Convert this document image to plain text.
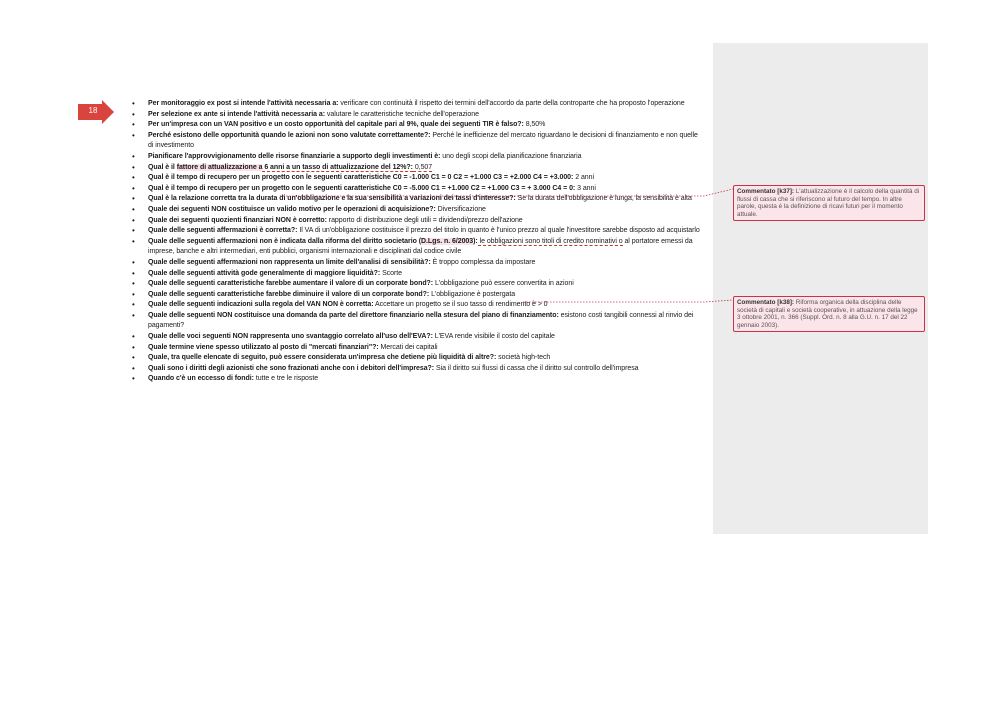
18
• Per monitoraggio ex post si intende l'attività necessaria a: verificare con continuità il rispetto dei termini dell'accordo da parte della controparte che ha proposto l'operazione
• Per selezione ex ante si intende l'attività necessaria a: valutare le caratteristiche tecniche dell'operazione
• Per un'impresa con un VAN positivo e un costo opportunità del capitale pari al 9%, quale dei seguenti TIR è falso?: 8,50%
• Perché esistono delle opportunità quando le azioni non sono valutate correttamente?: Perché le inefficienze del mercato riguardano le decisioni di finanziamento e non quelle di investimento
• Pianificare l'approvvigionamento delle risorse finanziarie a supporto degli investimenti è: uno degli scopi della pianificazione finanziaria
• Qual è il fattore di attualizzazione a 6 anni a un tasso di attualizzazione del 12%?: 0,507
• Qual è il tempo di recupero per un progetto con le seguenti caratteristiche C0 = -1.000 C1 = 0 C2 = +1.000 C3 = +2.000 C4 = +3.000: 2 anni
• Qual è il tempo di recupero per un progetto con le seguenti caratteristiche C0 = -5.000 C1 = +1.000 C2 = +1.000 C3 = + 3.000 C4 = 0: 3 anni
• Qual è la relazione corretta tra la durata di un'obbligazione e la sua sensibilità a variazioni dei tassi d'interesse?: Se la durata dell'obbligazione è lunga, la sensibilità è alta
• Quale dei seguenti NON costituisce un valido motivo per le operazioni di acquisizione?: Diversificazione
• Quale dei seguenti quozienti finanziari NON è corretto: rapporto di distribuzione degli utili = dividendi/prezzo dell'azione
• Quale delle seguenti affermazioni è corretta?: Il VA di un'obbligazione costituisce il prezzo del titolo in quanto è l'unico prezzo al quale l'investitore sarebbe disposto ad acquistarlo
• Quale delle seguenti affermazioni non è indicata dalla riforma del diritto societario (D.Lgs. n. 6/2003): le obbligazioni sono titoli di credito nominativi o al portatore emessi da imprese, banche e altri intermediari, enti pubblici, organismi internazionali e disciplinati dal codice civile
• Quale delle seguenti affermazioni non rappresenta un limite dell'analisi di sensibilità?: È troppo complessa da impostare
• Quale delle seguenti attività gode generalmente di maggiore liquidità?: Scorte
• Quale delle seguenti caratteristiche farebbe aumentare il valore di un corporate bond?: L'obbligazione può essere convertita in azioni
• Quale delle seguenti caratteristiche farebbe diminuire il valore di un corporate bond?: L'obbligazione è postergata
• Quale delle seguenti indicazioni sulla regola del VAN NON è corretta: Accettare un progetto se il suo tasso di rendimento è > 0
• Quale delle seguenti NON costituisce una domanda da parte del direttore finanziario nella stesura del piano di finanziamento: esistono costi tangibili connessi al rinvio dei pagamenti?
• Quale delle voci seguenti NON rappresenta uno svantaggio correlato all'uso dell'EVA?: L'EVA rende visibile il costo del capitale
• Quale termine viene spesso utilizzato al posto di "mercati finanziari"?: Mercati dei capitali
• Quale, tra quelle elencate di seguito, può essere considerata un'impresa che detiene più liquidità di altre?: società high-tech
• Quali sono i diritti degli azionisti che sono frazionati anche con i debitori dell'impresa?: Sia il diritto sui flussi di cassa che il diritto sul controllo dell'impresa
• Quando c'è un eccesso di fondi: tutte e tre le risposte
Commentato [k37]: L'attualizzazione è il calcolo della quantità di flussi di cassa che si riferiscono al futuro del tempo. In altre parole, questa è la definizione di ricavi futuri per il momento attuale.
Commentato [k38]: Riforma organica della disciplina delle società di capitali e società cooperative, in attuazione della legge 3 ottobre 2001, n. 366 (Suppl. Ord. n. 8 alla G.U. n. 17 del 22 gennaio 2003).
